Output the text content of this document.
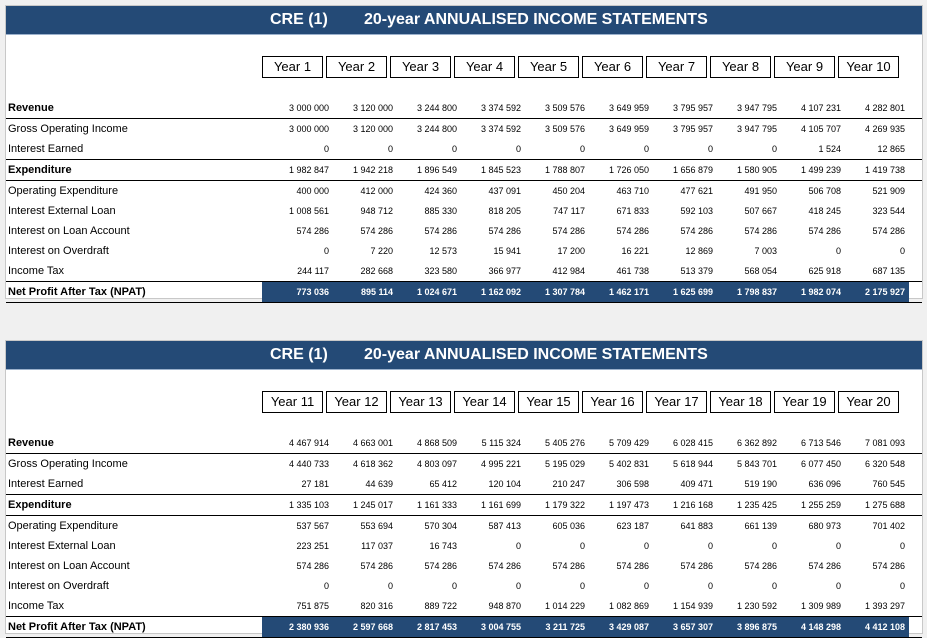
CRE (1) 20-year ANNUALISED INCOME STATEMENTS
Year 1	Year 2	Year 3	Year 4	Year 5	Year 6	Year 7	Year 8	Year 9	Year 10
Revenue	3 000 000	3 120 000	3 244 800	3 374 592	3 509 576	3 649 959	3 795 957	3 947 795	4 107 231	4 282 801
Gross Operating Income	3 000 000	3 120 000	3 244 800	3 374 592	3 509 576	3 649 959	3 795 957	3 947 795	4 105 707	4 269 935
Interest Earned	0	0	0	0	0	0	0	0	1 524	12 865
Expenditure	1 982 847	1 942 218	1 896 549	1 845 523	1 788 807	1 726 050	1 656 879	1 580 905	1 499 239	1 419 738
Operating Expenditure	400 000	412 000	424 360	437 091	450 204	463 710	477 621	491 950	506 708	521 909
Interest External Loan	1 008 561	948 712	885 330	818 205	747 117	671 833	592 103	507 667	418 245	323 544
Interest on Loan Account	574 286	574 286	574 286	574 286	574 286	574 286	574 286	574 286	574 286	574 286
Interest on Overdraft	0	7 220	12 573	15 941	17 200	16 221	12 869	7 003	0	0
Income Tax	244 117	282 668	323 580	366 977	412 984	461 738	513 379	568 054	625 918	687 135
Net Profit After Tax (NPAT)	773 036	895 114	1 024 671	1 162 092	1 307 784	1 462 171	1 625 699	1 798 837	1 982 074	2 175 927
CRE (1) 20-year ANNUALISED INCOME STATEMENTS
Year 11	Year 12	Year 13	Year 14	Year 15	Year 16	Year 17	Year 18	Year 19	Year 20
Revenue	4 467 914	4 663 001	4 868 509	5 115 324	5 405 276	5 709 429	6 028 415	6 362 892	6 713 546	7 081 093
Gross Operating Income	4 440 733	4 618 362	4 803 097	4 995 221	5 195 029	5 402 831	5 618 944	5 843 701	6 077 450	6 320 548
Interest Earned	27 181	44 639	65 412	120 104	210 247	306 598	409 471	519 190	636 096	760 545
Expenditure	1 335 103	1 245 017	1 161 333	1 161 699	1 179 322	1 197 473	1 216 168	1 235 425	1 255 259	1 275 688
Operating Expenditure	537 567	553 694	570 304	587 413	605 036	623 187	641 883	661 139	680 973	701 402
Interest External Loan	223 251	117 037	16 743	0	0	0	0	0	0	0
Interest on Loan Account	574 286	574 286	574 286	574 286	574 286	574 286	574 286	574 286	574 286	574 286
Interest on Overdraft	0	0	0	0	0	0	0	0	0	0
Income Tax	751 875	820 316	889 722	948 870	1 014 229	1 082 869	1 154 939	1 230 592	1 309 989	1 393 297
Net Profit After Tax (NPAT)	2 380 936	2 597 668	2 817 453	3 004 755	3 211 725	3 429 087	3 657 307	3 896 875	4 148 298	4 412 108
